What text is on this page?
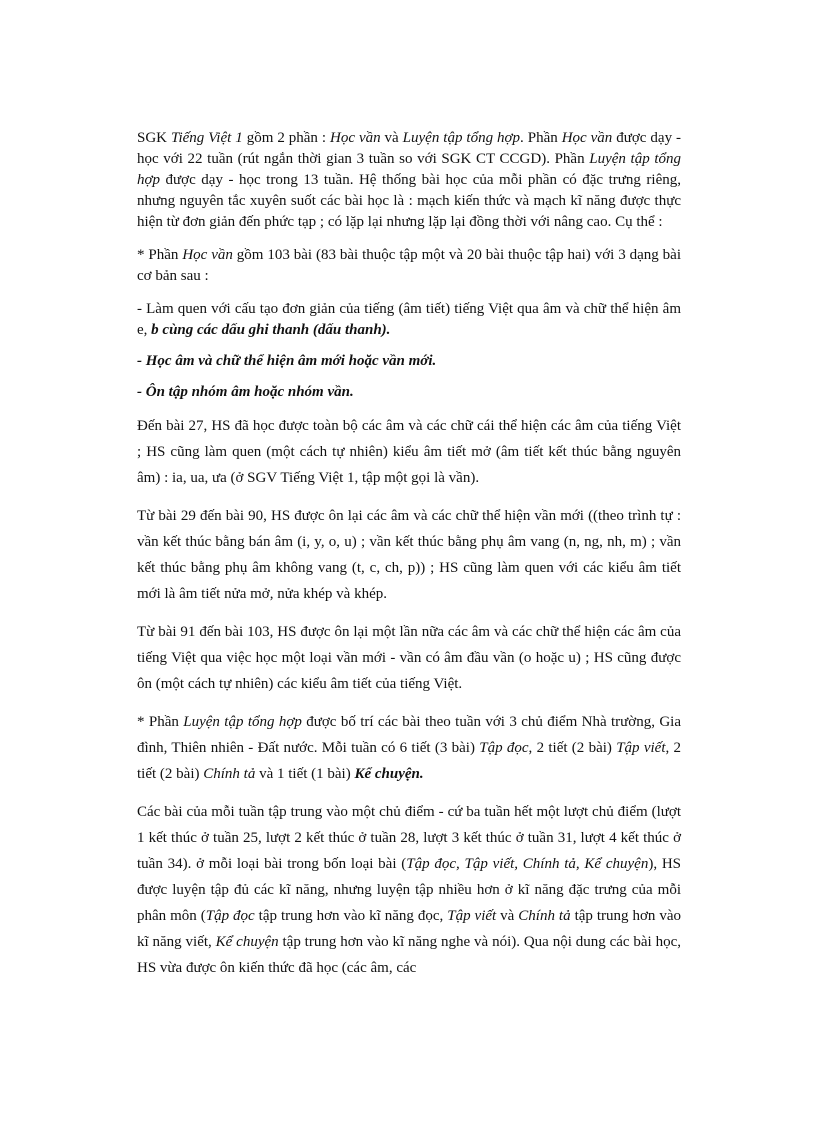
SGK Tiếng Việt 1 gồm 2 phần : Học vần và Luyện tập tổng hợp. Phần Học vần được dạy - học với 22 tuần (rút ngắn thời gian 3 tuần so với SGK CT CCGD). Phần Luyện tập tổng hợp được dạy - học trong 13 tuần. Hệ thống bài học của mỗi phần có đặc trưng riêng, nhưng nguyên tắc xuyên suốt các bài học là : mạch kiến thức và mạch kĩ năng được thực hiện từ đơn giản đến phức tạp ; có lặp lại nhưng lặp lại đồng thời với nâng cao. Cụ thể :

* Phần Học vần gồm 103 bài (83 bài thuộc tập một và 20 bài thuộc tập hai) với 3 dạng bài cơ bản sau :

- Làm quen với cấu tạo đơn giản của tiếng (âm tiết) tiếng Việt qua âm và chữ thể hiện âm e, b cùng các dấu ghi thanh (dấu thanh).

- Học âm và chữ thể hiện âm mới hoặc vần mới.

- Ôn tập nhóm âm hoặc nhóm vần.

Đến bài 27, HS đã học được toàn bộ các âm và các chữ cái thể hiện các âm của tiếng Việt ; HS cũng làm quen (một cách tự nhiên) kiểu âm tiết mở (âm tiết kết thúc bằng nguyên âm) : ia, ua, ưa (ở SGV Tiếng Việt 1, tập một gọi là vần).

Từ bài 29 đến bài 90, HS được ôn lại các âm và các chữ thể hiện vần mới ((theo trình tự : vần kết thúc bằng bán âm (i, y, o, u) ; vần kết thúc bằng phụ âm vang (n, ng, nh, m) ; vần kết thúc bằng phụ âm không vang (t, c, ch, p)) ; HS cũng làm quen với các kiểu âm tiết mới là âm tiết nửa mở, nửa khép và khép.

Từ bài 91 đến bài 103, HS được ôn lại một lần nữa các âm và các chữ thể hiện các âm của tiếng Việt qua việc học một loại vần mới - vần có âm đầu vần (o hoặc u) ; HS cũng được ôn (một cách tự nhiên) các kiểu âm tiết của tiếng Việt.

* Phần Luyện tập tổng hợp được bố trí các bài theo tuần với 3 chủ điểm Nhà trường, Gia đình, Thiên nhiên - Đất nước. Mỗi tuần có 6 tiết (3 bài) Tập đọc, 2 tiết (2 bài) Tập viết, 2 tiết (2 bài) Chính tả và 1 tiết (1 bài) Kể chuyện.

Các bài của mỗi tuần tập trung vào một chủ điểm - cứ ba tuần hết một lượt chủ điểm (lượt 1 kết thúc ở tuần 25, lượt 2 kết thúc ở tuần 28, lượt 3 kết thúc ở tuần 31, lượt 4 kết thúc ở tuần 34). ở mỗi loại bài trong bốn loại bài (Tập đọc, Tập viết, Chính tả, Kể chuyện), HS được luyện tập đủ các kĩ năng, nhưng luyện tập nhiều hơn ở kĩ năng đặc trưng của mỗi phân môn (Tập đọc tập trung hơn vào kĩ năng đọc, Tập viết và Chính tả tập trung hơn vào kĩ năng viết, Kể chuyện tập trung hơn vào kĩ năng nghe và nói). Qua nội dung các bài học, HS vừa được ôn kiến thức đã học (các âm, các
